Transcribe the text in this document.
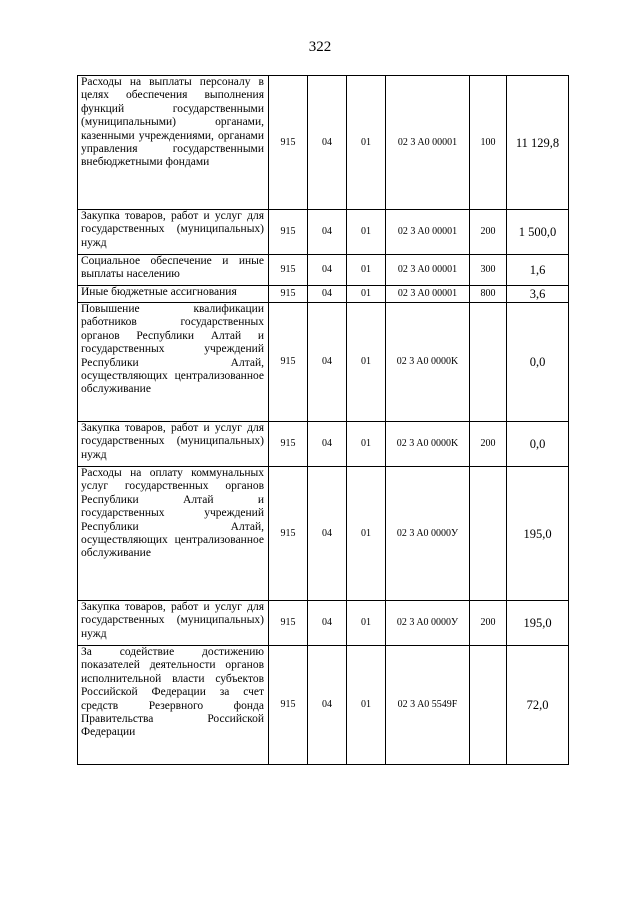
322
Расходы на выплаты персоналу в целях обеспечения выполнения функций государственными (муниципальными) органами, казенными учреждениями, органами управления государственными внебюджетными фондами	915	04	01	02 3 A0 00001	100	11 129,8
Закупка товаров, работ и услуг для государственных (муниципальных) нужд	915	04	01	02 3 A0 00001	200	1 500,0
Социальное обеспечение и иные выплаты населению	915	04	01	02 3 A0 00001	300	1,6
Иные бюджетные ассигнования	915	04	01	02 3 A0 00001	800	3,6
Повышение квалификации работников государственных органов Республики Алтай и государственных учреждений Республики Алтай, осуществляющих централизованное обслуживание	915	04	01	02 3 A0 0000K		0,0
Закупка товаров, работ и услуг для государственных (муниципальных) нужд	915	04	01	02 3 A0 0000K	200	0,0
Расходы на оплату коммунальных услуг государственных органов Республики Алтай и государственных учреждений Республики Алтай, осуществляющих централизованное обслуживание	915	04	01	02 3 A0 0000У		195,0
Закупка товаров, работ и услуг для государственных (муниципальных) нужд	915	04	01	02 3 A0 0000У	200	195,0
За содействие достижению показателей деятельности органов исполнительной власти субъектов Российской Федерации за счет средств Резервного фонда Правительства Российской Федерации	915	04	01	02 3 A0 5549F		72,0
